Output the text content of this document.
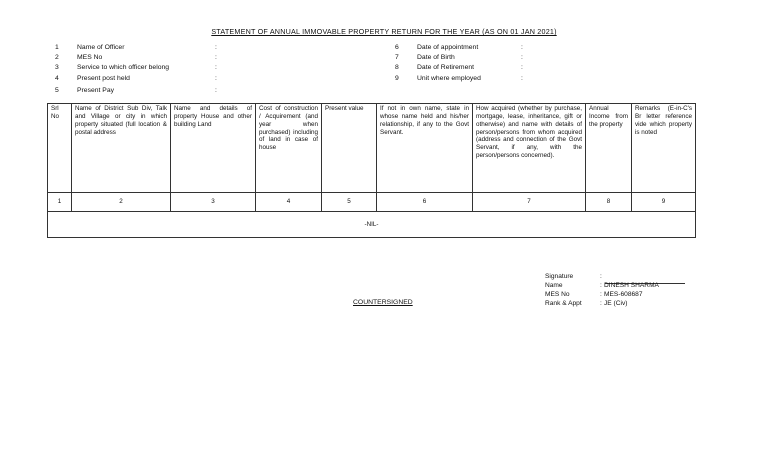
STATEMENT OF ANNUAL IMMOVABLE PROPERTY RETURN FOR THE YEAR (AS ON 01 JAN 2021)
1	Name of Officer	:
2	MES No	:
3	Service to which officer belong	:
4	Present post held	:
5	Present Pay	:
6	Date of appointment	:
7	Date of Birth	:
8	Date of Retirement	:
9	Unit where employed	:
Srl No	Name of District Sub Div, Talk and Village or city in which property situated (full location & postal address	Name and details of property House and other building Land	Cost of construction / Acquirement (and year when purchased) including of land in case of house	Present value	If not in own name, state in whose name held and his/her relationship, if any to the Govt Servant.	How acquired (whether by purchase, mortgage, lease, inheritance, gift or otherwise) and name with details of person/persons from whom acquired (address and connection of the Govt Servant, if any, with the person/persons concerned).	Annual Income from the property	Remarks (E-in-C's Br letter reference vide which property is noted
1	2	3	4	5	6	7	8	9
-NIL-								
COUNTERSIGNED
Signature	:
Name	: DINESH SHARMA
MES No	: MES-608687
Rank & Appt	: JE (Civ)
